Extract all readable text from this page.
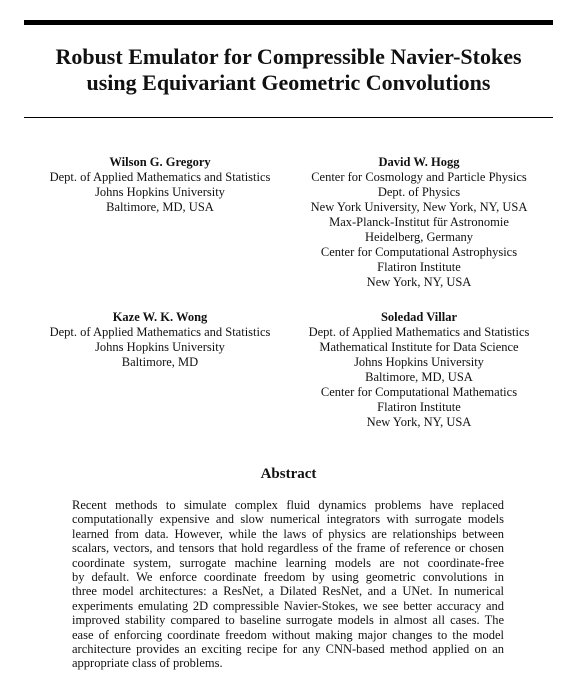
Robust Emulator for Compressible Navier-Stokes
using Equivariant Geometric Convolutions
Wilson G. Gregory
Dept. of Applied Mathematics and Statistics
Johns Hopkins University
Baltimore, MD, USA
David W. Hogg
Center for Cosmology and Particle Physics
Dept. of Physics
New York University, New York, NY, USA
Max-Planck-Institut für Astronomie
Heidelberg, Germany
Center for Computational Astrophysics
Flatiron Institute
New York, NY, USA
Kaze W. K. Wong
Dept. of Applied Mathematics and Statistics
Johns Hopkins University
Baltimore, MD
Soledad Villar
Dept. of Applied Mathematics and Statistics
Mathematical Institute for Data Science
Johns Hopkins University
Baltimore, MD, USA
Center for Computational Mathematics
Flatiron Institute
New York, NY, USA
Abstract
Recent methods to simulate complex fluid dynamics problems have replaced
computationally expensive and slow numerical integrators with surrogate models
learned from data. However, while the laws of physics are relationships between
scalars, vectors, and tensors that hold regardless of the frame of reference or chosen
coordinate system, surrogate machine learning models are not coordinate-free
by default. We enforce coordinate freedom by using geometric convolutions in
three model architectures: a ResNet, a Dilated ResNet, and a UNet. In numerical
experiments emulating 2D compressible Navier-Stokes, we see better accuracy and
improved stability compared to baseline surrogate models in almost all cases. The
ease of enforcing coordinate freedom without making major changes to the model
architecture provides an exciting recipe for any CNN-based method applied on an
appropriate class of problems.
